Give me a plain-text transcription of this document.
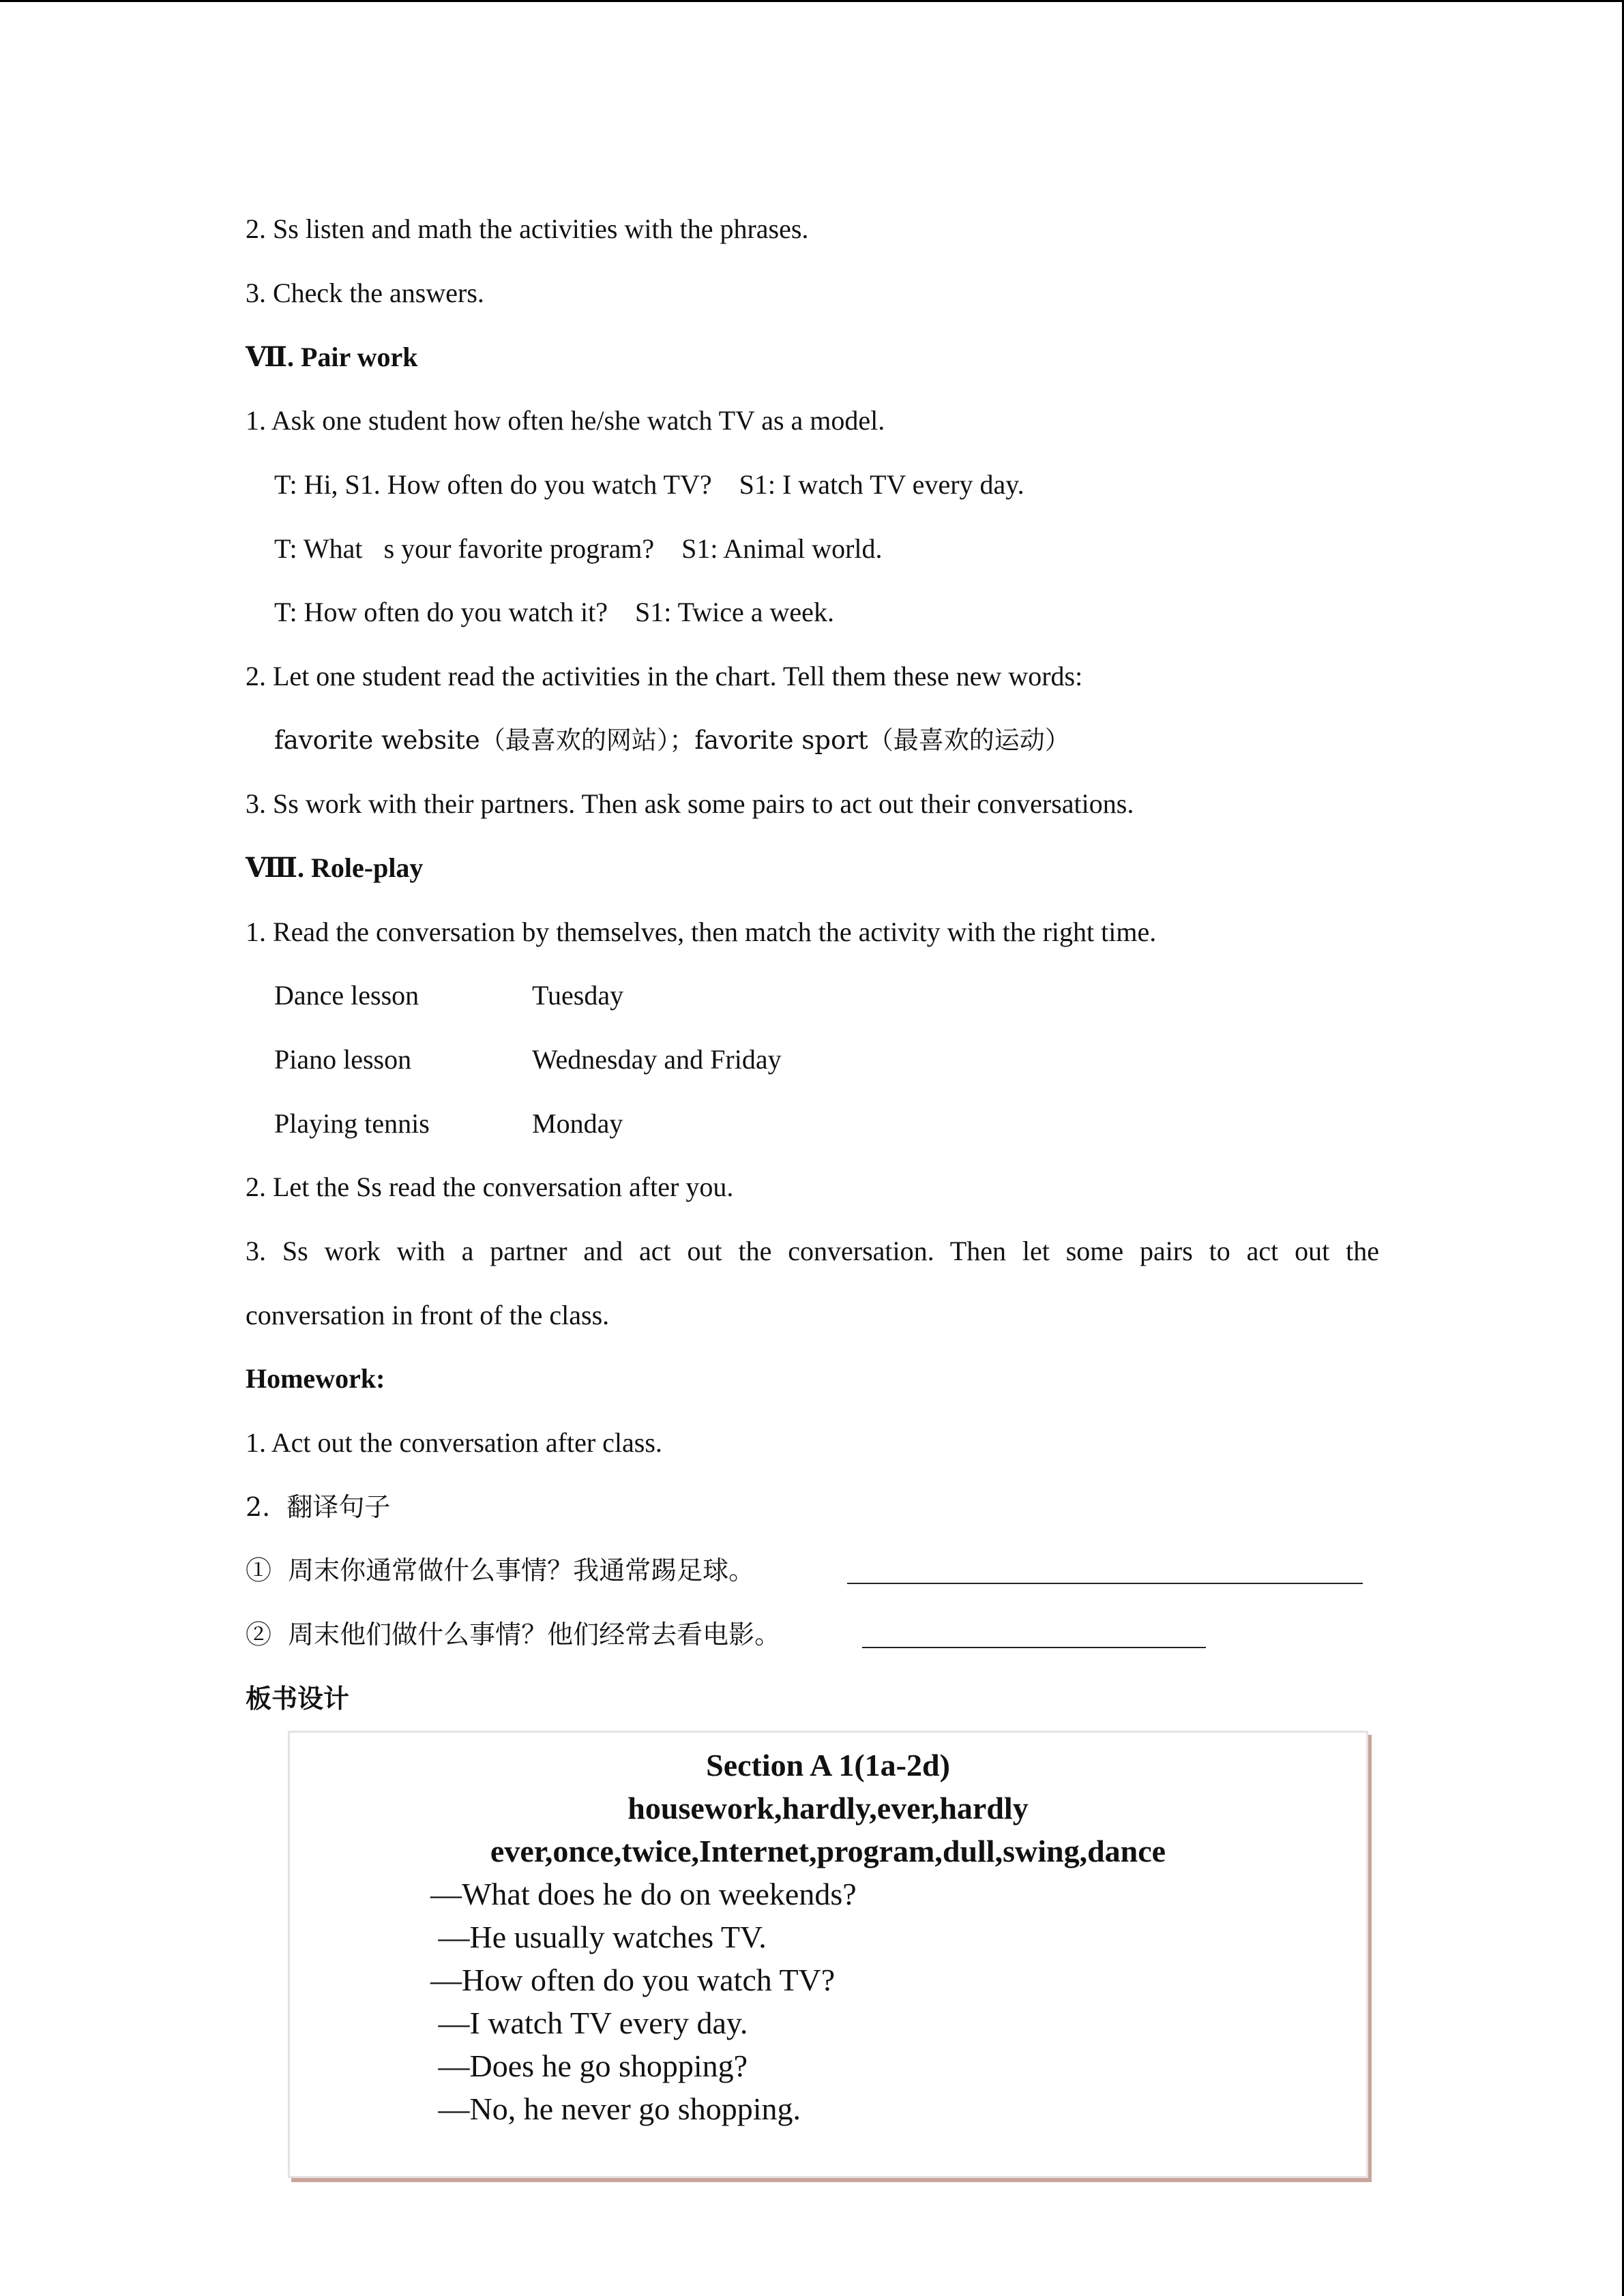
2. Ss listen and math the activities with the phrases.
3. Check the answers.
Ⅶ. Pair work
1. Ask one student how often he/she watch TV as a model.
T: Hi, S1. How often do you watch TV?    S1: I watch TV every day.
T: What s your favorite program?    S1: Animal world.
T: How often do you watch it?    S1: Twice a week.
2. Let one student read the activities in the chart. Tell them these new words:
favorite website（最喜欢的网站）；favorite sport（最喜欢的运动）
3. Ss work with their partners. Then ask some pairs to act out their conversations.
Ⅷ. Role-play
1. Read the conversation by themselves, then match the activity with the right time.
Dance lesson	Tuesday
Piano lesson	Wednesday and Friday
Playing tennis	Monday
2. Let the Ss read the conversation after you.
3. Ss work with a partner and act out the conversation. Then let some pairs to act out the
conversation in front of the class.
Homework:
1. Act out the conversation after class.
2.  翻译句子
①  周末你通常做什么事情？我通常踢足球。
②  周末他们做什么事情？他们经常去看电影。
板书设计
Section A 1(1a-2d)
housework,hardly,ever,hardly
ever,once,twice,Internet,program,dull,swing,dance
—What does he do on weekends?
—He usually watches TV.
—How often do you watch TV?
—I watch TV every day.
—Does he go shopping?
—No, he never go shopping.
